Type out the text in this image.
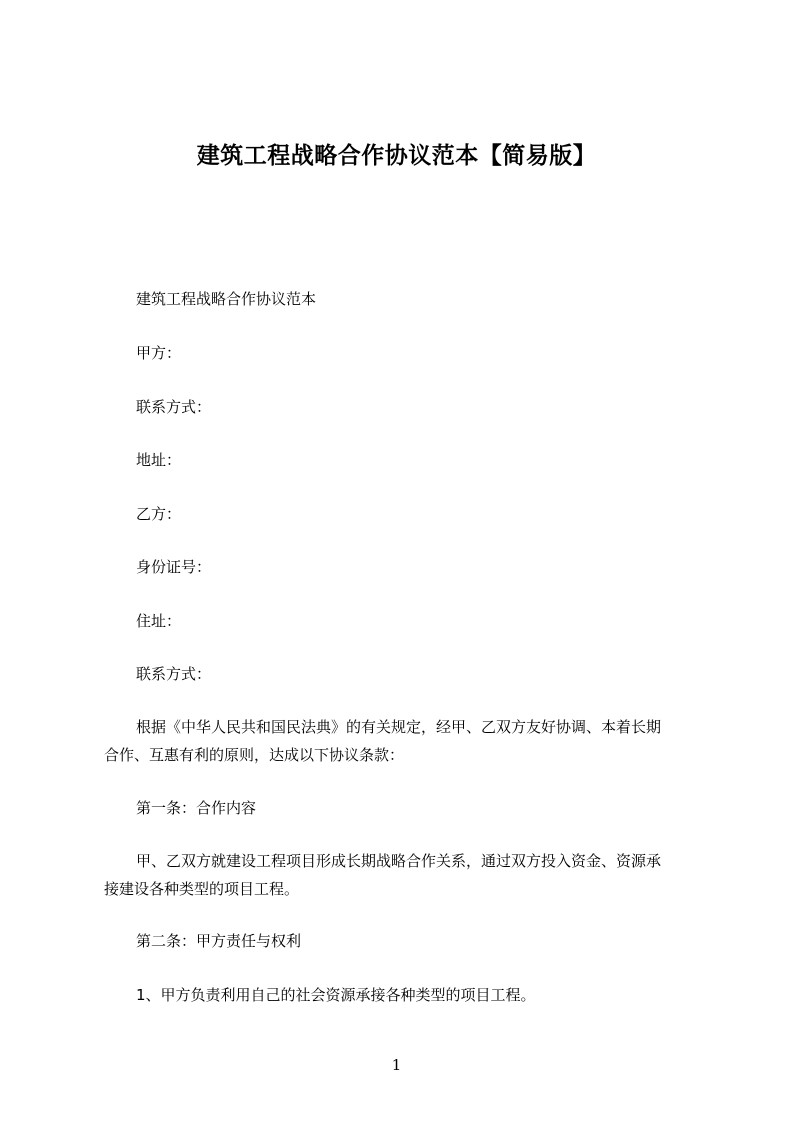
建筑工程战略合作协议范本【简易版】
建筑工程战略合作协议范本
甲方：
联系方式：
地址：
乙方：
身份证号：
住址：
联系方式：
根据《中华人民共和国民法典》的有关规定，经甲、乙双方友好协调、本着长期
合作、互惠有利的原则，达成以下协议条款：
第一条：合作内容
甲、乙双方就建设工程项目形成长期战略合作关系，通过双方投入资金、资源承
接建设各种类型的项目工程。
第二条：甲方责任与权利
1、甲方负责利用自己的社会资源承接各种类型的项目工程。
1
